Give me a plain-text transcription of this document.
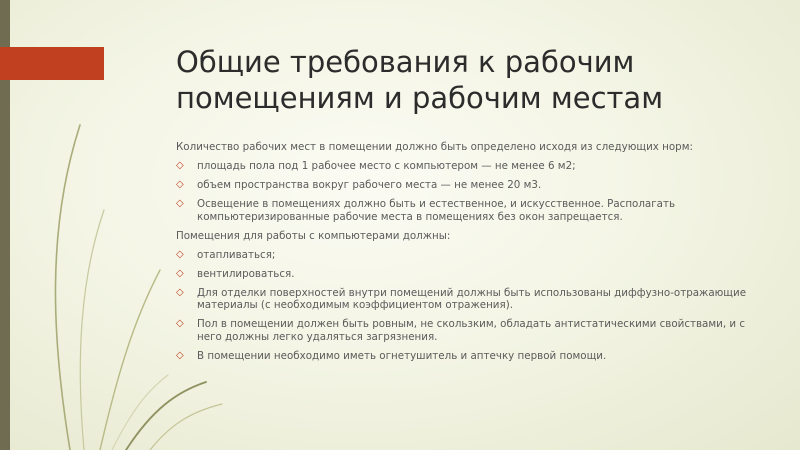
Общие требования к рабочим
помещениям и рабочим местам

Количество рабочих мест в помещении должно быть определено исходя из следующих норм:

◇ площадь пола под 1 рабочее место с компьютером — не менее 6 м2;
◇ объем пространства вокруг рабочего места — не менее 20 м3.
◇ Освещение в помещениях должно быть и естественное, и искусственное. Располагать компьютеризированные рабочие места в помещениях без окон запрещается.

Помещения для работы с компьютерами должны:

◇ отапливаться;
◇ вентилироваться.
◇ Для отделки поверхностей внутри помещений должны быть использованы диффузно-отражающие материалы (с необходимым коэффициентом отражения).
◇ Пол в помещении должен быть ровным, не скользким, обладать антистатическими свойствами, и с него должны легко удаляться загрязнения.
◇ В помещении необходимо иметь огнетушитель и аптечку первой помощи.
